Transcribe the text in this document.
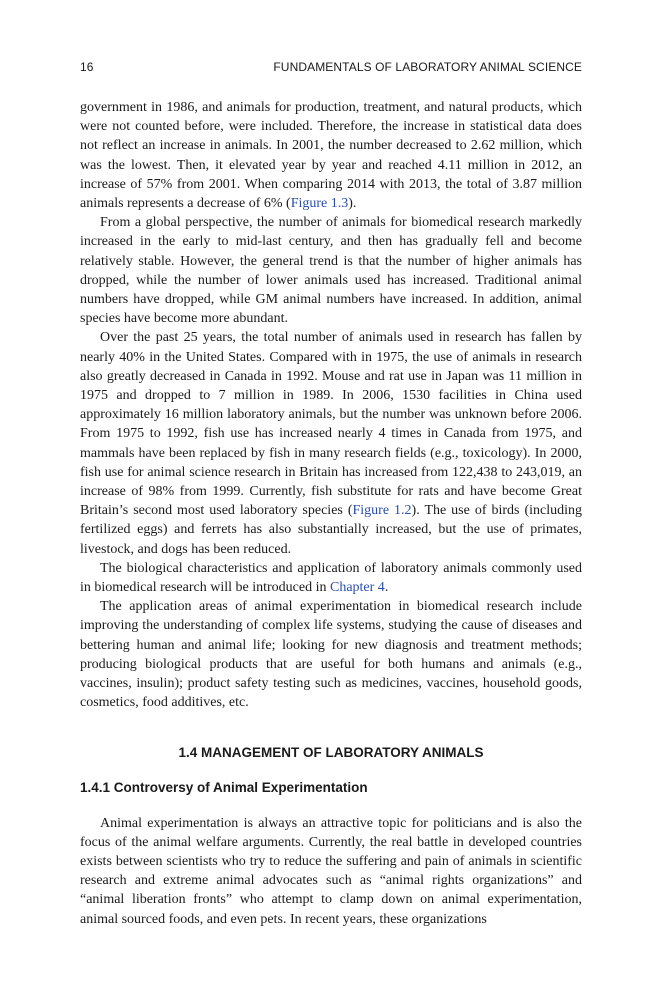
16	FUNDAMENTALS OF LABORATORY ANIMAL SCIENCE

government in 1986, and animals for production, treatment, and natural products, which were not counted before, were included. Therefore, the increase in statistical data does not reflect an increase in animals. In 2001, the number decreased to 2.62 million, which was the lowest. Then, it elevated year by year and reached 4.11 million in 2012, an increase of 57% from 2001. When comparing 2014 with 2013, the total of 3.87 million animals represents a decrease of 6% (Figure 1.3).

From a global perspective, the number of animals for biomedical research markedly increased in the early to mid-last century, and then has gradually fell and become relatively stable. However, the general trend is that the number of higher animals has dropped, while the number of lower animals used has increased. Traditional animal numbers have dropped, while GM animal numbers have increased. In addition, animal species have become more abundant.

Over the past 25 years, the total number of animals used in research has fallen by nearly 40% in the United States. Compared with in 1975, the use of animals in research also greatly decreased in Canada in 1992. Mouse and rat use in Japan was 11 million in 1975 and dropped to 7 million in 1989. In 2006, 1530 facilities in China used approximately 16 million laboratory animals, but the number was unknown before 2006. From 1975 to 1992, fish use has increased nearly 4 times in Canada from 1975, and mammals have been replaced by fish in many research fields (e.g., toxicology). In 2000, fish use for animal science research in Britain has increased from 122,438 to 243,019, an increase of 98% from 1999. Currently, fish substitute for rats and have become Great Britain’s second most used laboratory species (Figure 1.2). The use of birds (including fertilized eggs) and ferrets has also substantially increased, but the use of primates, livestock, and dogs has been reduced.

The biological characteristics and application of laboratory animals commonly used in biomedical research will be introduced in Chapter 4.

The application areas of animal experimentation in biomedical research include improving the understanding of complex life systems, studying the cause of diseases and bettering human and animal life; looking for new diagnosis and treatment methods; producing biological products that are useful for both humans and animals (e.g., vaccines, insulin); product safety testing such as medicines, vaccines, household goods, cosmetics, food additives, etc.

1.4 MANAGEMENT OF LABORATORY ANIMALS
1.4.1 Controversy of Animal Experimentation

Animal experimentation is always an attractive topic for politicians and is also the focus of the animal welfare arguments. Currently, the real battle in developed countries exists between scientists who try to reduce the suffering and pain of animals in scientific research and extreme animal advocates such as “animal rights organizations” and “animal liberation fronts” who attempt to clamp down on animal experimentation, animal sourced foods, and even pets. In recent years, these organizations
